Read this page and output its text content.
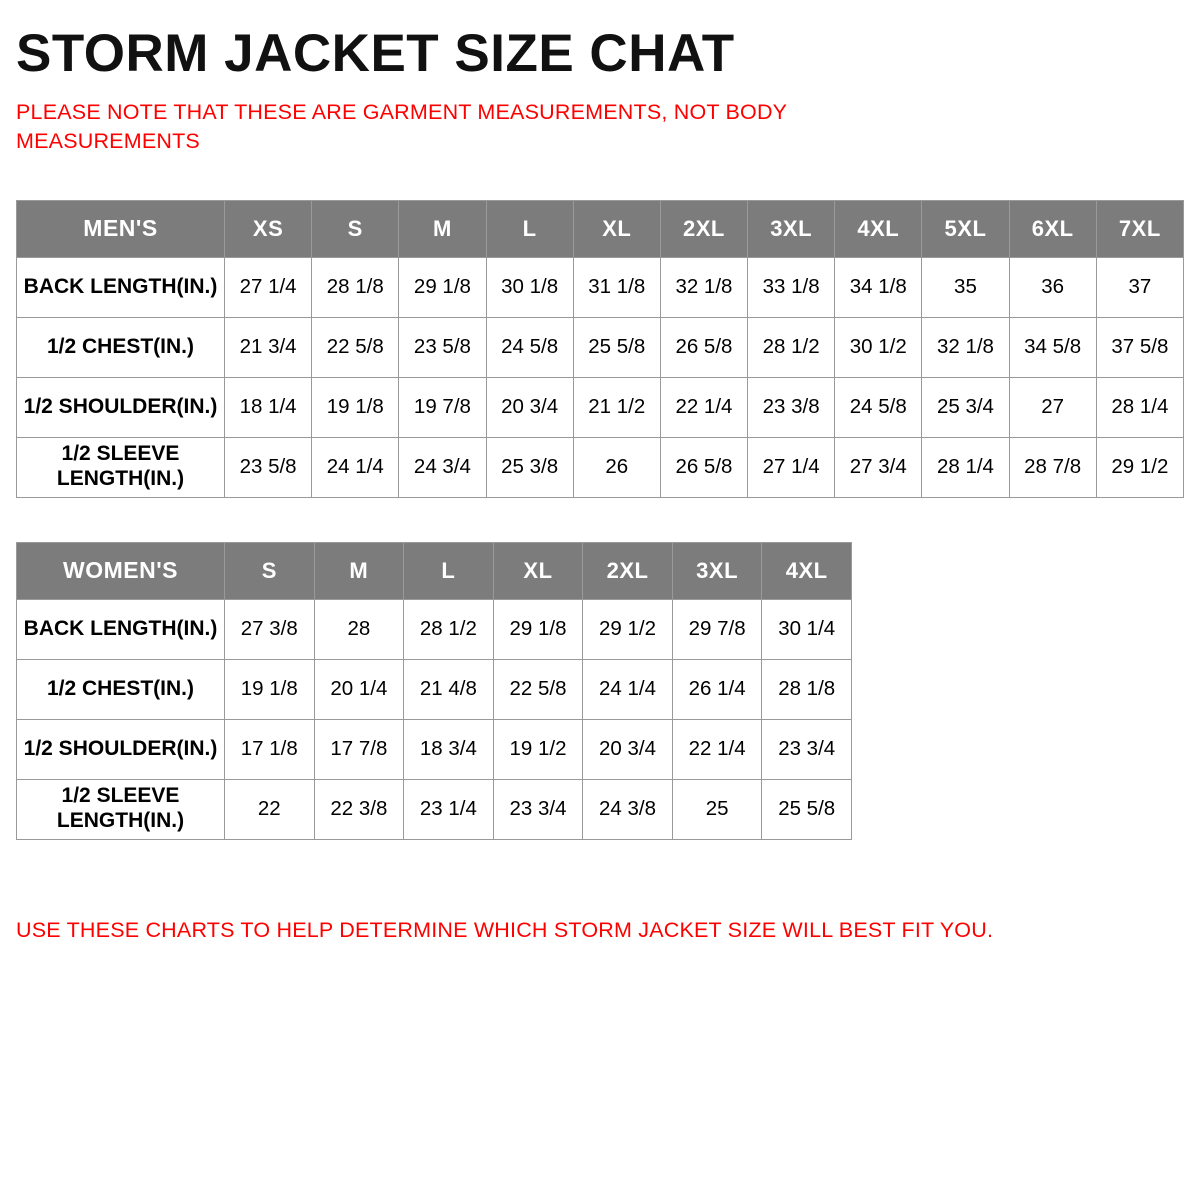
STORM JACKET SIZE CHAT

PLEASE NOTE THAT THESE ARE GARMENT MEASUREMENTS, NOT BODY MEASUREMENTS

MEN'S	XS	S	M	L	XL	2XL	3XL	4XL	5XL	6XL	7XL
BACK LENGTH(IN.)	27 1/4	28 1/8	29 1/8	30 1/8	31 1/8	32 1/8	33 1/8	34 1/8	35	36	37
1/2 CHEST(IN.)	21 3/4	22 5/8	23 5/8	24 5/8	25 5/8	26 5/8	28 1/2	30 1/2	32 1/8	34 5/8	37 5/8
1/2 SHOULDER(IN.)	18 1/4	19 1/8	19 7/8	20 3/4	21 1/2	22 1/4	23 3/8	24 5/8	25 3/4	27	28 1/4
1/2 SLEEVE LENGTH(IN.)	23 5/8	24 1/4	24 3/4	25 3/8	26	26 5/8	27 1/4	27 3/4	28 1/4	28 7/8	29 1/2
WOMEN'S	S	M	L	XL	2XL	3XL	4XL
BACK LENGTH(IN.)	27 3/8	28	28 1/2	29 1/8	29 1/2	29 7/8	30 1/4
1/2 CHEST(IN.)	19 1/8	20 1/4	21 4/8	22 5/8	24 1/4	26 1/4	28 1/8
1/2 SHOULDER(IN.)	17 1/8	17 7/8	18 3/4	19 1/2	20 3/4	22 1/4	23 3/4
1/2 SLEEVE LENGTH(IN.)	22	22 3/8	23 1/4	23 3/4	24 3/8	25	25 5/8

USE THESE CHARTS TO HELP DETERMINE WHICH STORM JACKET SIZE WILL BEST FIT YOU.
